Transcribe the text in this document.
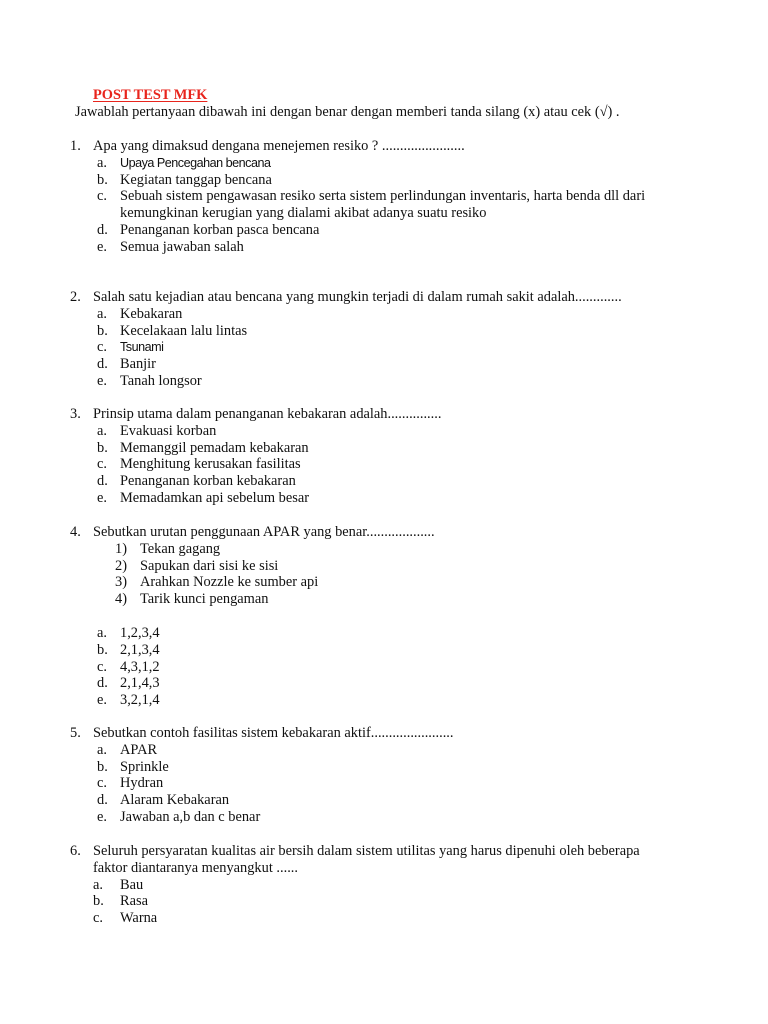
POST TEST MFK
Jawablah pertanyaan dibawah ini dengan benar dengan memberi tanda silang (x) atau cek (√) .
1. Apa yang dimaksud dengana menejemen resiko ? .......................
a. Upaya Pencegahan bencana
b. Kegiatan tanggap bencana
c. Sebuah sistem pengawasan resiko serta sistem perlindungan inventaris, harta benda dll dari kemungkinan kerugian yang dialami akibat adanya suatu resiko
d. Penanganan korban pasca bencana
e. Semua jawaban salah
2. Salah satu kejadian atau bencana yang mungkin terjadi di dalam rumah sakit adalah.............
a. Kebakaran
b. Kecelakaan lalu lintas
c. Tsunami
d. Banjir
e. Tanah longsor
3. Prinsip utama dalam penanganan kebakaran adalah...............
a. Evakuasi korban
b. Memanggil pemadam kebakaran
c. Menghitung kerusakan fasilitas
d. Penanganan korban kebakaran
e. Memadamkan api sebelum besar
4. Sebutkan urutan penggunaan APAR yang benar...................
1) Tekan gagang
2) Sapukan dari sisi ke sisi
3) Arahkan Nozzle ke sumber api
4) Tarik kunci pengaman
a. 1,2,3,4
b. 2,1,3,4
c. 4,3,1,2
d. 2,1,4,3
e. 3,2,1,4
5. Sebutkan contoh fasilitas sistem kebakaran aktif.......................
a. APAR
b. Sprinkle
c. Hydran
d. Alaram Kebakaran
e. Jawaban a,b dan c benar
6. Seluruh persyaratan kualitas air bersih dalam sistem utilitas yang harus dipenuhi oleh beberapa faktor diantaranya menyangkut ......
a. Bau
b. Rasa
c. Warna
